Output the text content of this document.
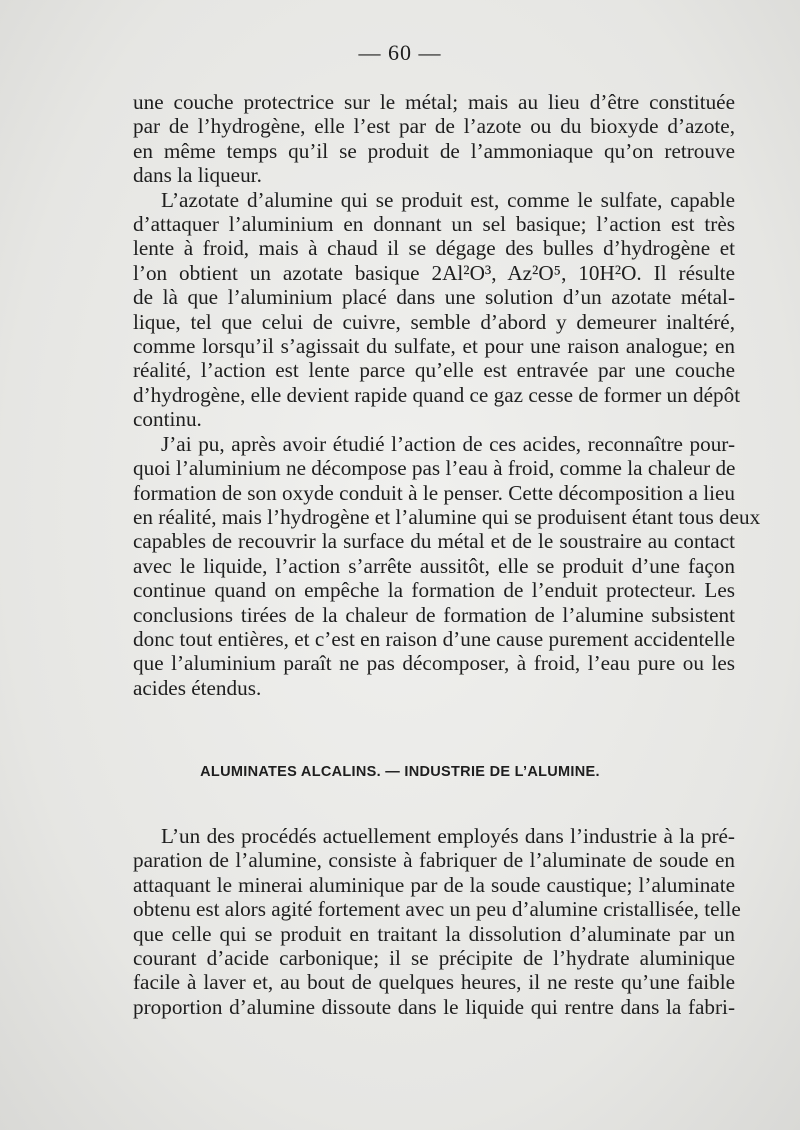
— 60 —
une couche protectrice sur le métal; mais au lieu d’être constituée
par de l’hydrogène, elle l’est par de l’azote ou du bioxyde d’azote,
en même temps qu’il se produit de l’ammoniaque qu’on retrouve
dans la liqueur.
L’azotate d’alumine qui se produit est, comme le sulfate, capable
d’attaquer l’aluminium en donnant un sel basique; l’action est très
lente à froid, mais à chaud il se dégage des bulles d’hydrogène et
l’on obtient un azotate basique 2Al²O³, Az²O⁵, 10H²O. Il résulte
de là que l’aluminium placé dans une solution d’un azotate métal-
lique, tel que celui de cuivre, semble d’abord y demeurer inaltéré,
comme lorsqu’il s’agissait du sulfate, et pour une raison analogue; en
réalité, l’action est lente parce qu’elle est entravée par une couche
d’hydrogène, elle devient rapide quand ce gaz cesse de former un dépôt
continu.
J’ai pu, après avoir étudié l’action de ces acides, reconnaître pour-
quoi l’aluminium ne décompose pas l’eau à froid, comme la chaleur de
formation de son oxyde conduit à le penser. Cette décomposition a lieu
en réalité, mais l’hydrogène et l’alumine qui se produisent étant tous deux
capables de recouvrir la surface du métal et de le soustraire au contact
avec le liquide, l’action s’arrête aussitôt, elle se produit d’une façon
continue quand on empêche la formation de l’enduit protecteur. Les
conclusions tirées de la chaleur de formation de l’alumine subsistent
donc tout entières, et c’est en raison d’une cause purement accidentelle
que l’aluminium paraît ne pas décomposer, à froid, l’eau pure ou les
acides étendus.
ALUMINATES ALCALINS. — INDUSTRIE DE L’ALUMINE.
L’un des procédés actuellement employés dans l’industrie à la pré-
paration de l’alumine, consiste à fabriquer de l’aluminate de soude en
attaquant le minerai aluminique par de la soude caustique; l’aluminate
obtenu est alors agité fortement avec un peu d’alumine cristallisée, telle
que celle qui se produit en traitant la dissolution d’aluminate par un
courant d’acide carbonique; il se précipite de l’hydrate aluminique
facile à laver et, au bout de quelques heures, il ne reste qu’une faible
proportion d’alumine dissoute dans le liquide qui rentre dans la fabri-
